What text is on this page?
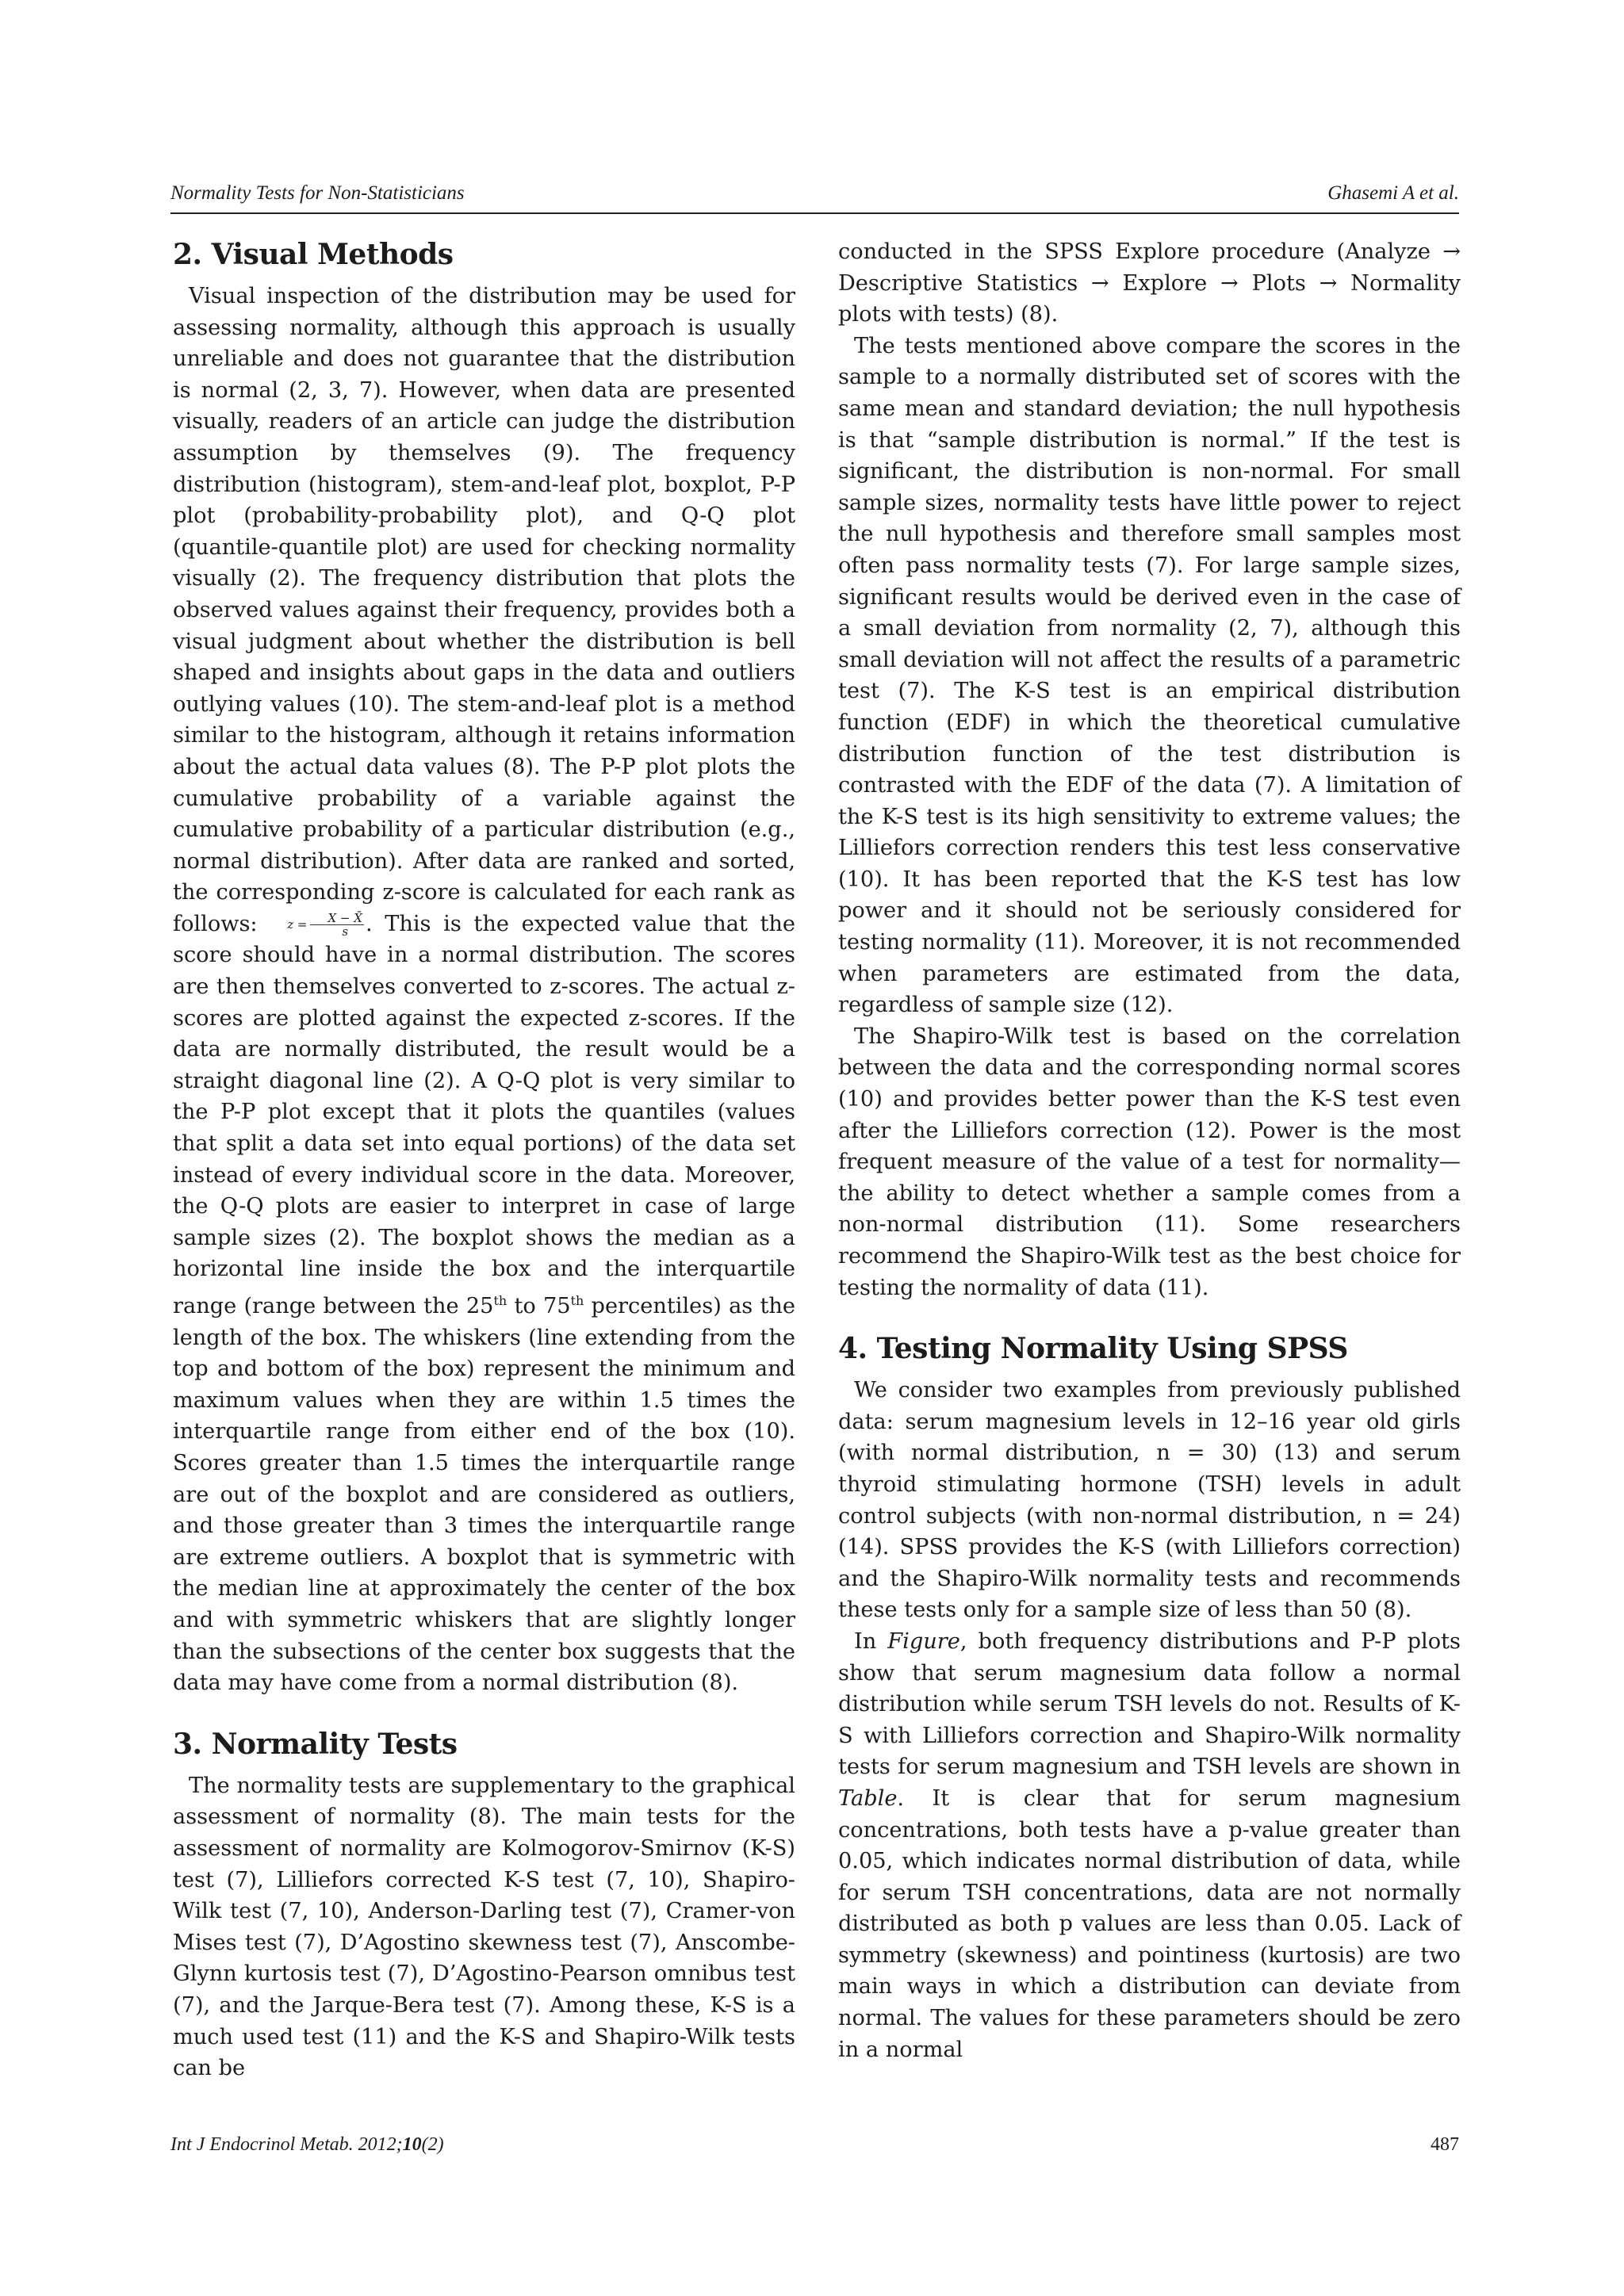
Normality Tests for Non-Statisticians	Ghasemi A et al.
2. Visual Methods

Visual inspection of the distribution may be used for assessing normality, although this approach is usually unreliable and does not guarantee that the distribution is normal (2, 3, 7). However, when data are presented visually, readers of an article can judge the distribution assumption by themselves (9). The frequency distribution (histogram), stem-and-leaf plot, boxplot, P-P plot (probability-probability plot), and Q-Q plot (quantile-quantile plot) are used for checking normality visually (2). The frequency distribution that plots the observed values against their frequency, provides both a visual judgment about whether the distribution is bell shaped and insights about gaps in the data and outliers outlying values (10). The stem-and-leaf plot is a method similar to the histogram, although it retains information about the actual data values (8). The P-P plot plots the cumulative probability of a variable against the cumulative probability of a particular distribution (e.g., normal distribution). After data are ranked and sorted, the corresponding z-score is calculated for each rank as follows: $z = \frac{X - X̄}{s}$ . This is the expected value that the score should have in a normal distribution. The scores are then themselves converted to z-scores. The actual z-scores are plotted against the expected z-scores. If the data are normally distributed, the result would be a straight diagonal line (2). A Q-Q plot is very similar to the P-P plot except that it plots the quantiles (values that split a data set into equal portions) of the data set instead of every individual score in the data. Moreover, the Q-Q plots are easier to interpret in case of large sample sizes (2). The boxplot shows the median as a horizontal line inside the box and the interquartile range (range between the 25th to 75th percentiles) as the length of the box. The whiskers (line extending from the top and bottom of the box) represent the minimum and maximum values when they are within 1.5 times the interquartile range from either end of the box (10). Scores greater than 1.5 times the interquartile range are out of the boxplot and are considered as outliers, and those greater than 3 times the interquartile range are extreme outliers. A boxplot that is symmetric with the median line at approximately the center of the box and with symmetric whiskers that are slightly longer than the subsections of the center box suggests that the data may have come from a normal distribution (8).

3. Normality Tests

The normality tests are supplementary to the graphical assessment of normality (8). The main tests for the assessment of normality are Kolmogorov-Smirnov (K-S) test (7), Lilliefors corrected K-S test (7, 10), Shapiro-Wilk test (7, 10), Anderson-Darling test (7), Cramer-von Mises test (7), D’Agostino skewness test (7), Anscombe-Glynn kurtosis test (7), D’Agostino-Pearson omnibus test (7), and the Jarque-Bera test (7). Among these, K-S is a much used test (11) and the K-S and Shapiro-Wilk tests can be

conducted in the SPSS Explore procedure (Analyze → Descriptive Statistics → Explore → Plots → Normality plots with tests) (8).

The tests mentioned above compare the scores in the sample to a normally distributed set of scores with the same mean and standard deviation; the null hypothesis is that “sample distribution is normal.” If the test is significant, the distribution is non-normal. For small sample sizes, normality tests have little power to reject the null hypothesis and therefore small samples most often pass normality tests (7). For large sample sizes, significant results would be derived even in the case of a small deviation from normality (2, 7), although this small deviation will not affect the results of a parametric test (7). The K-S test is an empirical distribution function (EDF) in which the theoretical cumulative distribution function of the test distribution is contrasted with the EDF of the data (7). A limitation of the K-S test is its high sensitivity to extreme values; the Lilliefors correction renders this test less conservative (10). It has been reported that the K-S test has low power and it should not be seriously considered for testing normality (11). Moreover, it is not recommended when parameters are estimated from the data, regardless of sample size (12).

The Shapiro-Wilk test is based on the correlation between the data and the corresponding normal scores (10) and provides better power than the K-S test even after the Lilliefors correction (12). Power is the most frequent measure of the value of a test for normality—the ability to detect whether a sample comes from a non-normal distribution (11). Some researchers recommend the Shapiro-Wilk test as the best choice for testing the normality of data (11).

4. Testing Normality Using SPSS

We consider two examples from previously published data: serum magnesium levels in 12–16 year old girls (with normal distribution, n = 30) (13) and serum thyroid stimulating hormone (TSH) levels in adult control subjects (with non-normal distribution, n = 24) (14). SPSS provides the K-S (with Lilliefors correction) and the Shapiro-Wilk normality tests and recommends these tests only for a sample size of less than 50 (8).

In Figure, both frequency distributions and P-P plots show that serum magnesium data follow a normal distribution while serum TSH levels do not. Results of K-S with Lilliefors correction and Shapiro-Wilk normality tests for serum magnesium and TSH levels are shown in Table. It is clear that for serum magnesium concentrations, both tests have a p-value greater than 0.05, which indicates normal distribution of data, while for serum TSH concentrations, data are not normally distributed as both p values are less than 0.05. Lack of symmetry (skewness) and pointiness (kurtosis) are two main ways in which a distribution can deviate from normal. The values for these parameters should be zero in a normal

Int J Endocrinol Metab. 2012;10(2)	487
